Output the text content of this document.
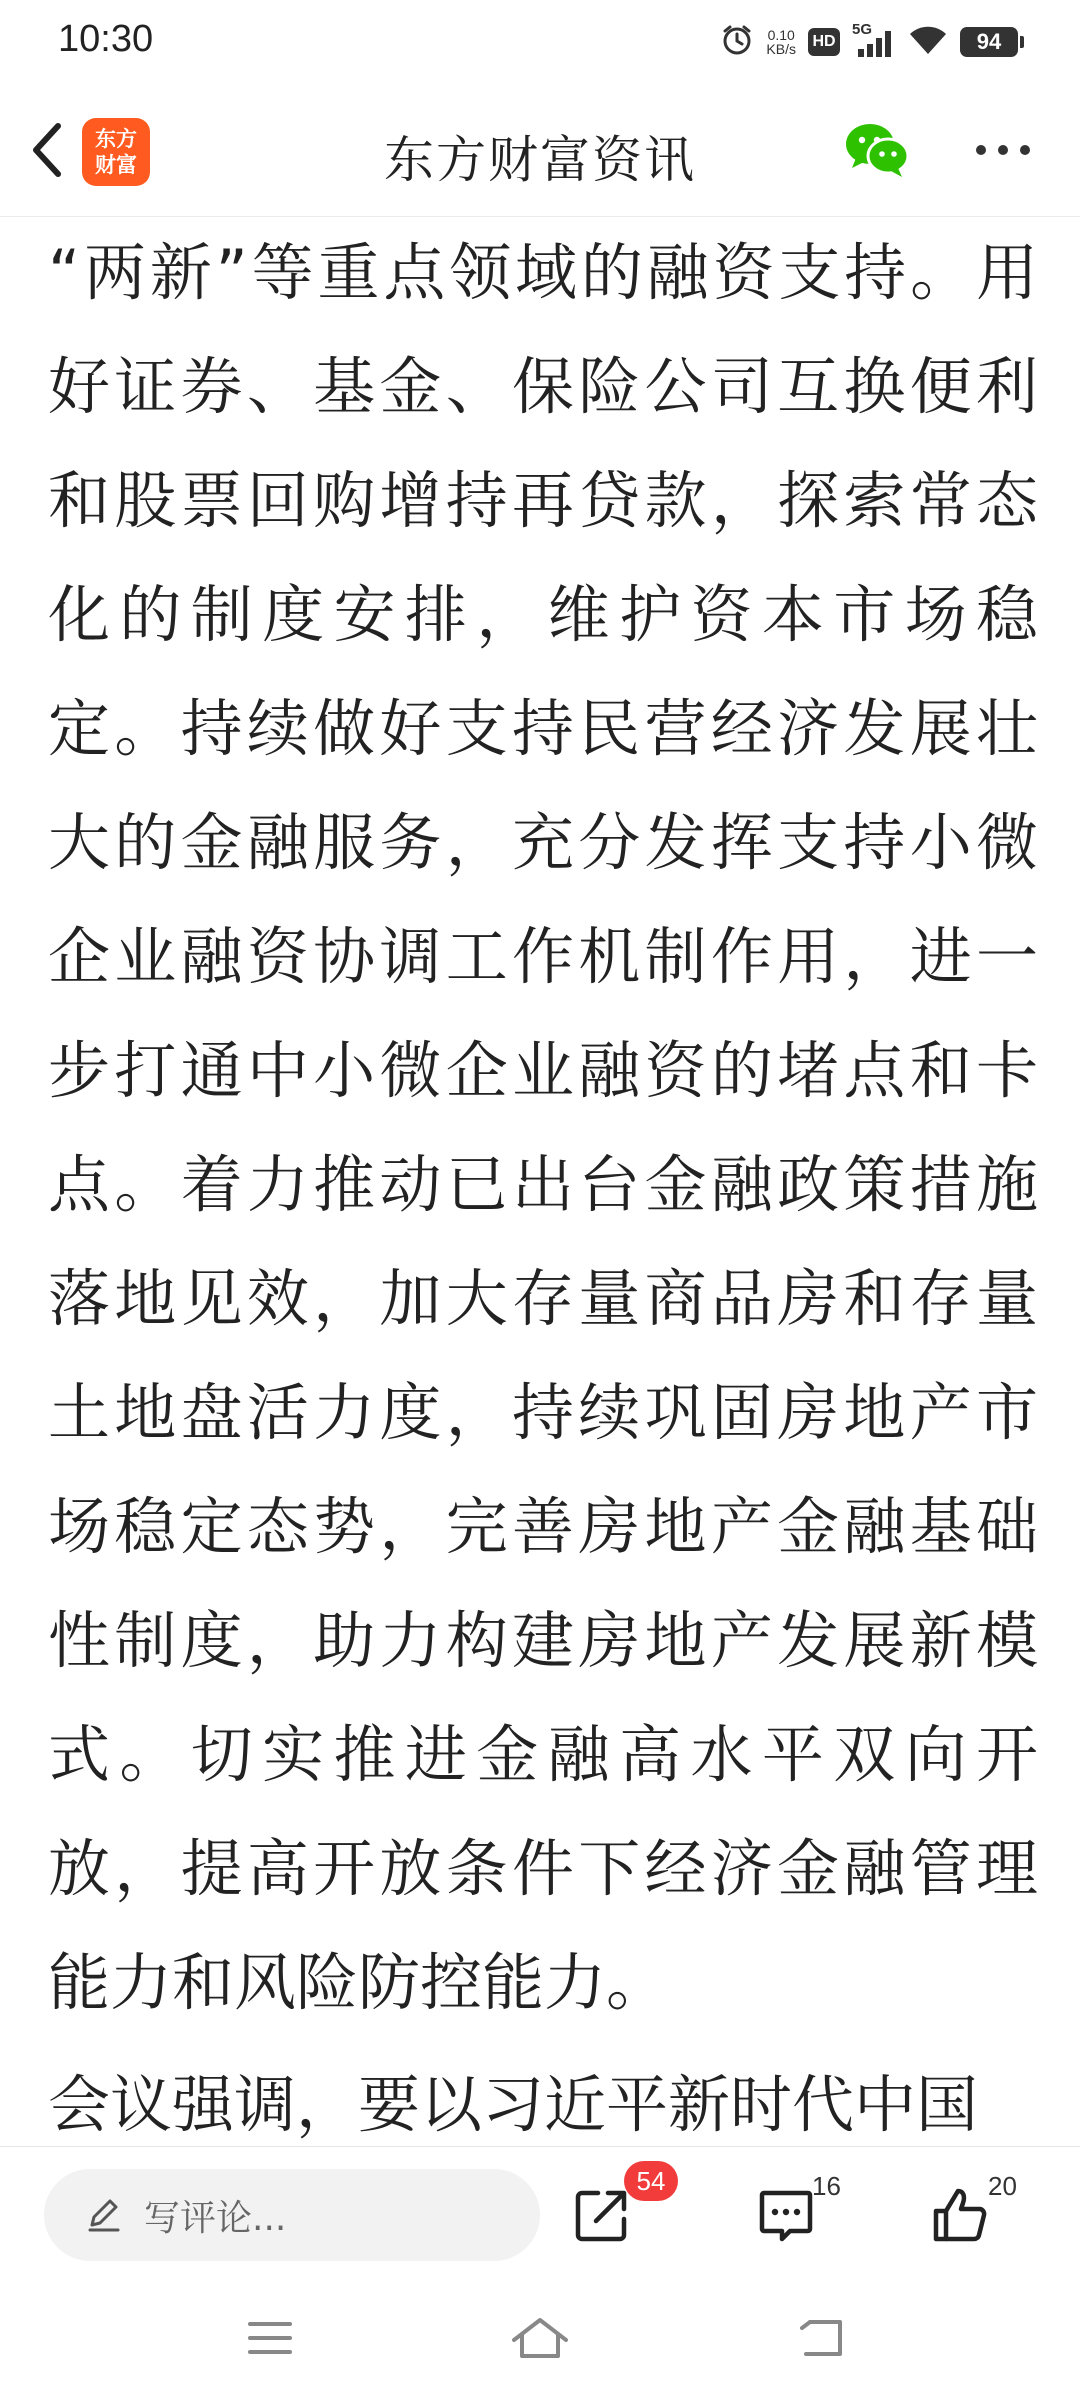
10:30	0.10
KB/s HD
5G	94
东方
财富	东方财富资讯

“两新”等重点领域的融资支持。用好证券、基金、保险公司互换便利和股票回购增持再贷款，探索常态化的制度安排，维护资本市场稳定。持续做好支持民营经济发展壮大的金融服务，充分发挥支持小微企业融资协调工作机制作用，进一步打通中小微企业融资的堵点和卡点。着力推动已出台金融政策措施落地见效，加大存量商品房和存量土地盘活力度，持续巩固房地产市场稳定态势，完善房地产金融基础性制度，助力构建房地产发展新模式。切实推进金融高水平双向开放，提高开放条件下经济金融管理能力和风险防控能力。

会议强调，要以习近平新时代中国

写评论...
54	16	20
